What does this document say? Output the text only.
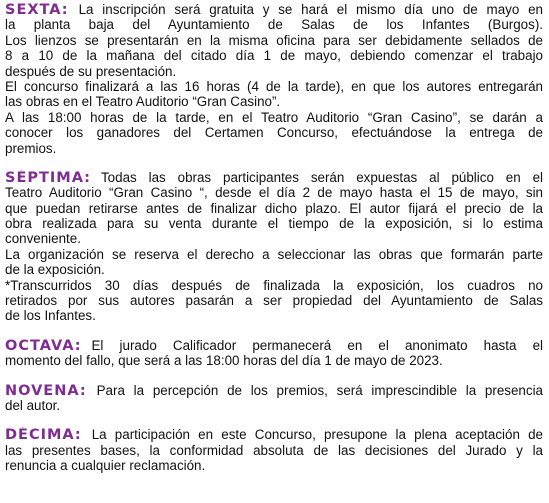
SEXTA: La inscripción será gratuita y se hará el mismo día uno de mayo en
la planta baja del Ayuntamiento de Salas de los Infantes (Burgos).
Los lienzos se presentarán en la misma oficina para ser debidamente sellados de
8 a 10 de la mañana del citado día 1 de mayo, debiendo comenzar el trabajo
después de su presentación.
El concurso finalizará a las 16 horas (4 de la tarde), en que los autores entregarán
las obras en el Teatro Auditorio “Gran Casino”.
A las 18:00 horas de la tarde, en el Teatro Auditorio “Gran Casino”, se darán a
conocer los ganadores del Certamen Concurso, efectuándose la entrega de
premios.
SÉPTIMA: Todas las obras participantes serán expuestas al público en el
Teatro Auditorio “Gran Casino “, desde el día 2 de mayo hasta el 15 de mayo, sin
que puedan retirarse antes de finalizar dicho plazo. El autor fijará el precio de la
obra realizada para su venta durante el tiempo de la exposición, si lo estima
conveniente.
La organización se reserva el derecho a seleccionar las obras que formarán parte
de la exposición.
*Transcurridos 30 días después de finalizada la exposición, los cuadros no
retirados por sus autores pasarán a ser propiedad del Ayuntamiento de Salas
de los Infantes.
OCTAVA: El jurado Calificador permanecerá en el anonimato hasta el
momento del fallo, que será a las 18:00 horas del día 1 de mayo de 2023.
NOVENA: Para la percepción de los premios, será imprescindible la presencia
del autor.
DÉCIMA: La participación en este Concurso, presupone la plena aceptación de
las presentes bases, la conformidad absoluta de las decisiones del Jurado y la
renuncia a cualquier reclamación.
